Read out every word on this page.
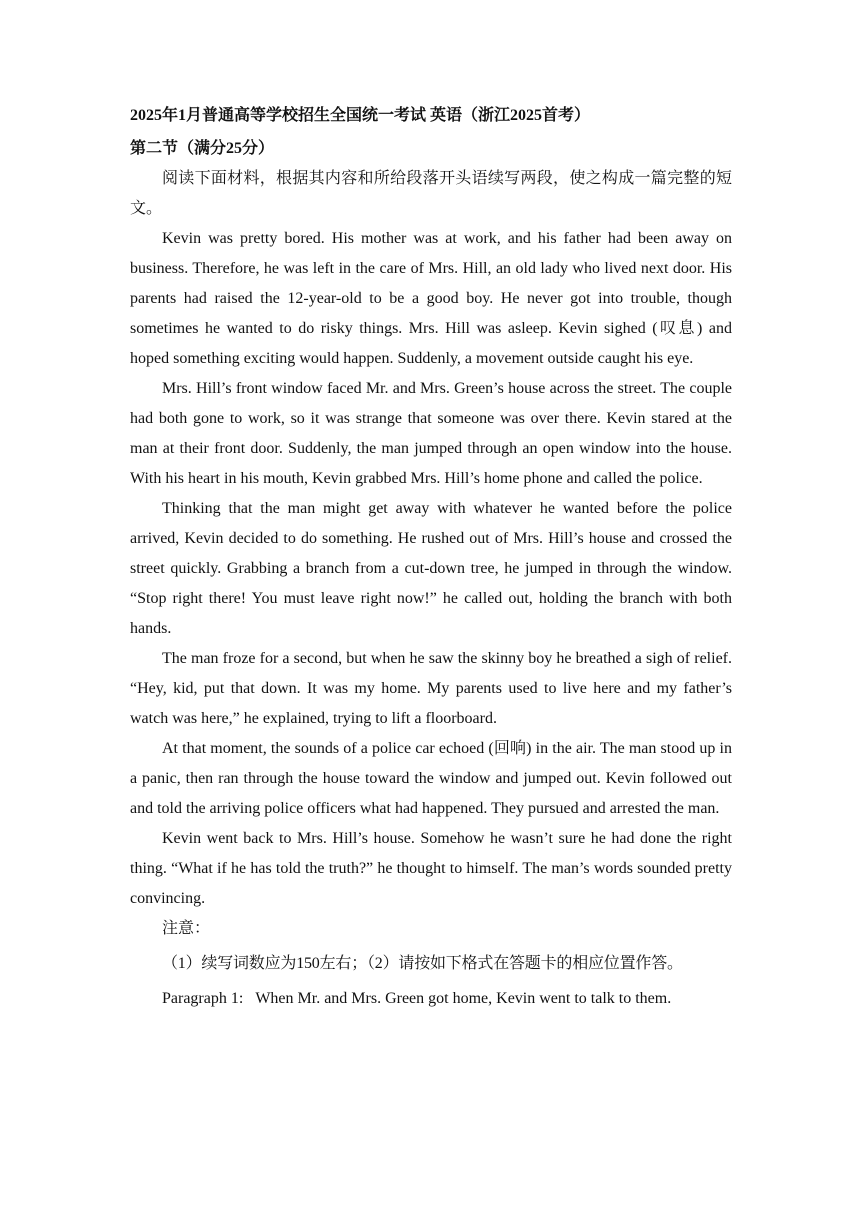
2025年1月普通高等学校招生全国统一考试 英语（浙江2025首考）

第二节（满分25分）

阅读下面材料，根据其内容和所给段落开头语续写两段，使之构成一篇完整的短文。

Kevin was pretty bored. His mother was at work, and his father had been away on business. Therefore, he was left in the care of Mrs. Hill, an old lady who lived next door. His parents had raised the 12-year-old to be a good boy. He never got into trouble, though sometimes he wanted to do risky things. Mrs. Hill was asleep. Kevin sighed (叹息) and hoped something exciting would happen. Suddenly, a movement outside caught his eye.

Mrs. Hill’s front window faced Mr. and Mrs. Green’s house across the street. The couple had both gone to work, so it was strange that someone was over there. Kevin stared at the man at their front door. Suddenly, the man jumped through an open window into the house. With his heart in his mouth, Kevin grabbed Mrs. Hill’s home phone and called the police.

Thinking that the man might get away with whatever he wanted before the police arrived, Kevin decided to do something. He rushed out of Mrs. Hill’s house and crossed the street quickly. Grabbing a branch from a cut-down tree, he jumped in through the window. “Stop right there! You must leave right now!” he called out, holding the branch with both hands.

The man froze for a second, but when he saw the skinny boy he breathed a sigh of relief. “Hey, kid, put that down. It was my home. My parents used to live here and my father’s watch was here,” he explained, trying to lift a floorboard.

At that moment, the sounds of a police car echoed (回响) in the air. The man stood up in a panic, then ran through the house toward the window and jumped out. Kevin followed out and told the arriving police officers what had happened. They pursued and arrested the man.

Kevin went back to Mrs. Hill’s house. Somehow he wasn’t sure he had done the right thing. “What if he has told the truth?” he thought to himself. The man’s words sounded pretty convincing.

注意：

（1）续写词数应为150左右；（2）请按如下格式在答题卡的相应位置作答。

Paragraph 1: When Mr. and Mrs. Green got home, Kevin went to talk to them.
